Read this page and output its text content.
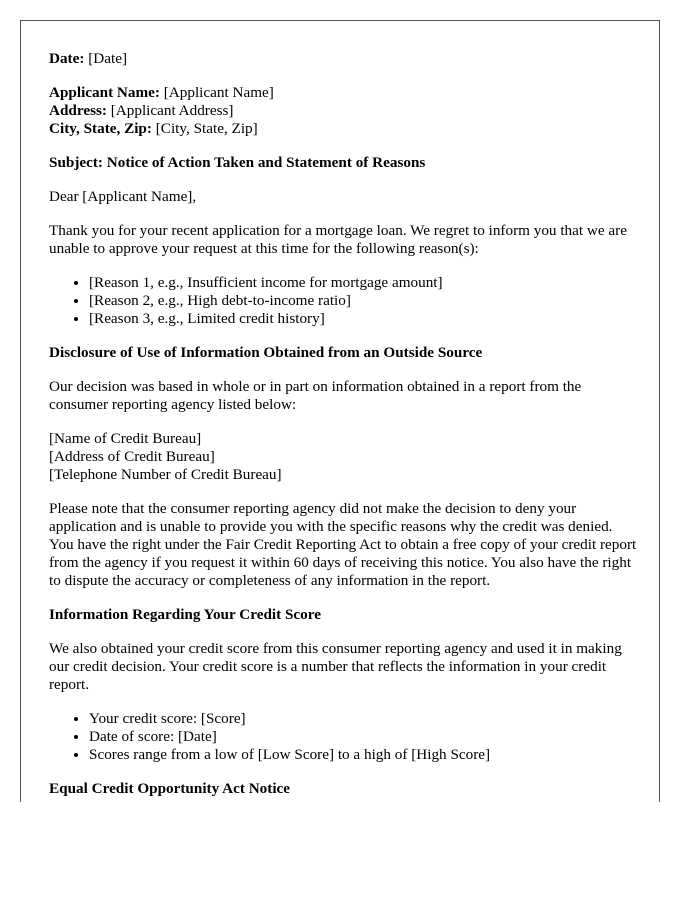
Date: [Date]

Applicant Name: [Applicant Name]
Address: [Applicant Address]
City, State, Zip: [City, State, Zip]

Subject: Notice of Action Taken and Statement of Reasons

Dear [Applicant Name],

Thank you for your recent application for a mortgage loan. We regret to inform you that we are unable to approve your request at this time for the following reason(s):

• [Reason 1, e.g., Insufficient income for mortgage amount]
• [Reason 2, e.g., High debt-to-income ratio]
• [Reason 3, e.g., Limited credit history]

Disclosure of Use of Information Obtained from an Outside Source

Our decision was based in whole or in part on information obtained in a report from the consumer reporting agency listed below:

[Name of Credit Bureau]
[Address of Credit Bureau]
[Telephone Number of Credit Bureau]

Please note that the consumer reporting agency did not make the decision to deny your application and is unable to provide you with the specific reasons why the credit was denied. You have the right under the Fair Credit Reporting Act to obtain a free copy of your credit report from the agency if you request it within 60 days of receiving this notice. You also have the right to dispute the accuracy or completeness of any information in the report.

Information Regarding Your Credit Score

We also obtained your credit score from this consumer reporting agency and used it in making our credit decision. Your credit score is a number that reflects the information in your credit report.

• Your credit score: [Score]
• Date of score: [Date]
• Scores range from a low of [Low Score] to a high of [High Score]

Equal Credit Opportunity Act Notice
